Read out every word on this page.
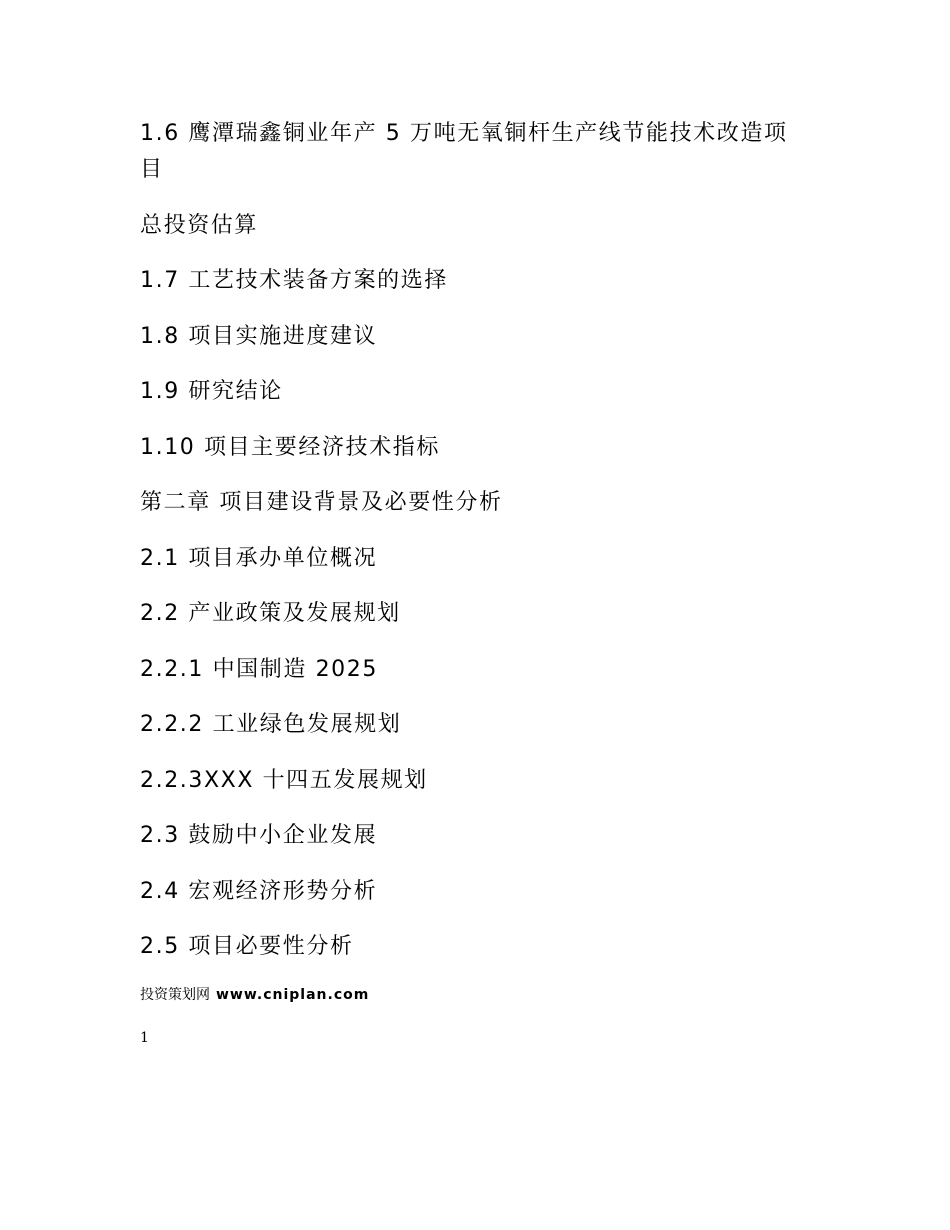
1.6 鹰潭瑞鑫铜业年产 5 万吨无氧铜杆生产线节能技术改造项目
总投资估算
1.7 工艺技术装备方案的选择
1.8 项目实施进度建议
1.9 研究结论
1.10 项目主要经济技术指标
第二章 项目建设背景及必要性分析
2.1 项目承办单位概况
2.2 产业政策及发展规划
2.2.1 中国制造 2025
2.2.2 工业绿色发展规划
2.2.3XXX 十四五发展规划
2.3 鼓励中小企业发展
2.4 宏观经济形势分析
2.5 项目必要性分析
投资策划网 www.cniplan.com
1
